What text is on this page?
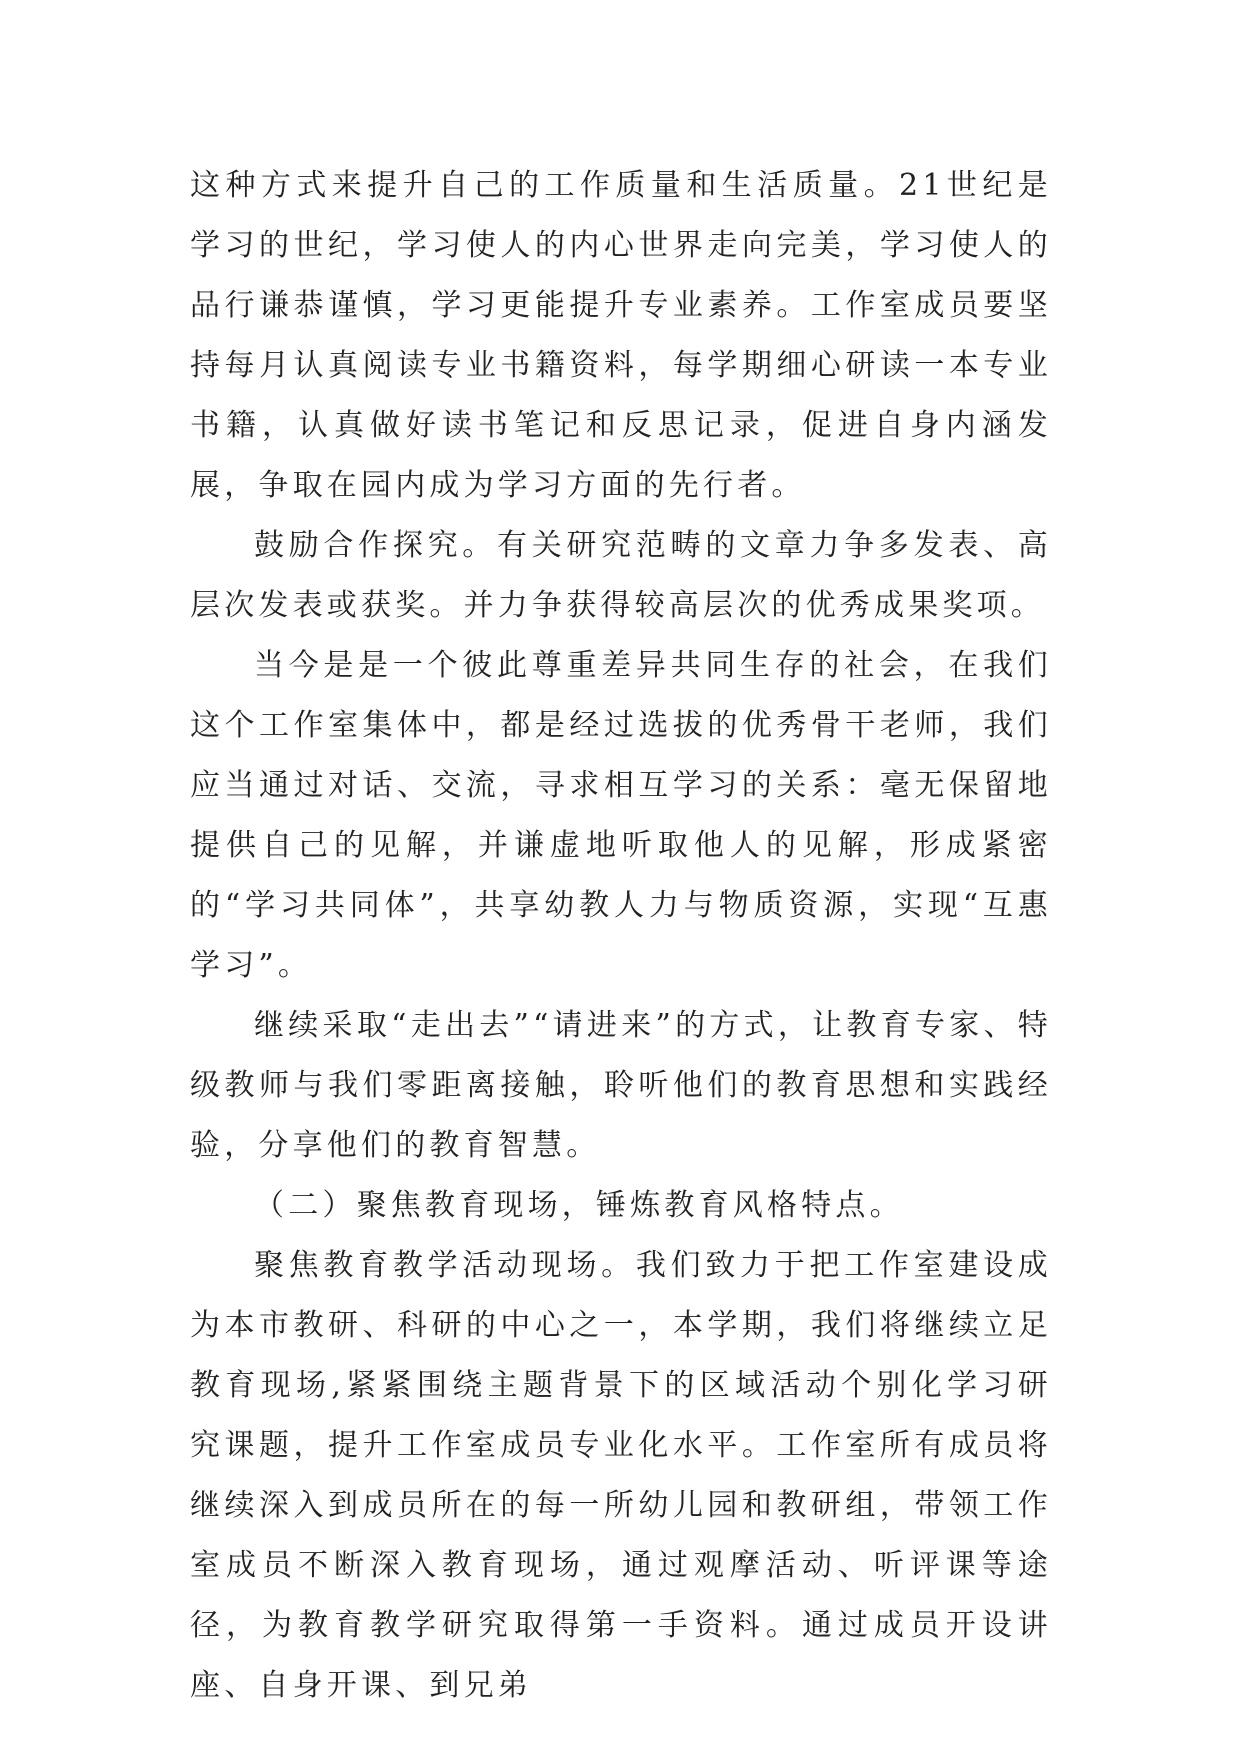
这种方式来提升自己的工作质量和生活质量。21世纪是学习的世纪，学习使人的内心世界走向完美，学习使人的品行谦恭谨慎，学习更能提升专业素养。工作室成员要坚持每月认真阅读专业书籍资料，每学期细心研读一本专业书籍，认真做好读书笔记和反思记录，促进自身内涵发展，争取在园内成为学习方面的先行者。

鼓励合作探究。有关研究范畴的文章力争多发表、高层次发表或获奖。并力争获得较高层次的优秀成果奖项。

当今是是一个彼此尊重差异共同生存的社会，在我们这个工作室集体中，都是经过选拔的优秀骨干老师，我们应当通过对话、交流，寻求相互学习的关系：毫无保留地提供自己的见解，并谦虚地听取他人的见解，形成紧密的“学习共同体”，共享幼教人力与物质资源，实现“互惠学习”。

继续采取“走出去”“请进来”的方式，让教育专家、特级教师与我们零距离接触，聆听他们的教育思想和实践经验，分享他们的教育智慧。

（二）聚焦教育现场，锤炼教育风格特点。

聚焦教育教学活动现场。我们致力于把工作室建设成为本市教研、科研的中心之一，本学期，我们将继续立足教育现场,紧紧围绕主题背景下的区域活动个别化学习研究课题，提升工作室成员专业化水平。工作室所有成员将继续深入到成员所在的每一所幼儿园和教研组，带领工作室成员不断深入教育现场，通过观摩活动、听评课等途径，为教育教学研究取得第一手资料。通过成员开设讲座、自身开课、到兄弟
